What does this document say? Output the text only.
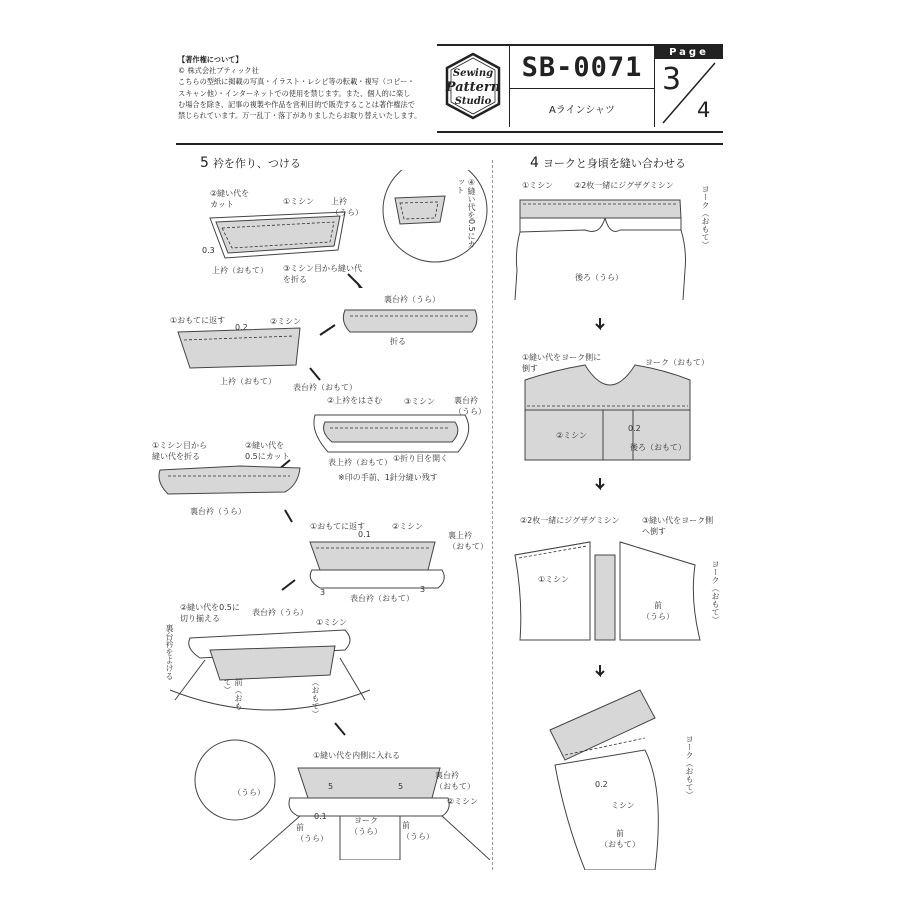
【著作権について】
© 株式会社ブティック社
こちらの型紙に掲載の写真・イラスト・レシピ等の転載・複写（コピー・
スキャン他）・インターネットでの使用を禁じます。また、個人的に楽し
む場合を除き、記事の複製や作品を営利目的で販売することは著作権法で
禁じられています。万一乱丁・落丁がありましたらお取り替えいたします。
Sewing
Pattern
Studio
SB-0071
Aラインシャツ
Page
3
4
5 衿を作り、つける
②縫い代を
カット	①ミシン 上衿
（うら）	④縫い代を0.5にカット
0.3
上衿（おもて） ③ミシン目から縫い代
を折る
裏台衿（うら）
折る
①おもてに返す
0.2
②ミシン
上衿（おもて）
表台衿（おもて）
②上衿をはさむ	③ミシン 裏台衿
（うら）
表上衿（おもて） ①折り目を開く
※印の手前、1針分縫い残す
①ミシン目から
縫い代を折る
②縫い代を
0.5にカット
裏台衿（うら）
①おもてに返す	②ミシン
0.1	裏上衿
（おもて）
3	3
表台衿（おもて）
②縫い代を0.5に
切り揃える
表台衿（うら）
①ミシン
裏台衿をよける
前（おもて）	（おもて）
①縫い代を内側に入れる
裏台衿
（おもて）
5	5
②ミシン
（うら）
0.1	ヨーク
（うら）
前
（うら）
前
（うら）
4 ヨークと身頃を縫い合わせる
①ミシン	②2枚一緒にジグザグミシン	ヨーク（おもて）
後ろ（うら）
①縫い代をヨーク側に
倒す
ヨーク（おもて）
②ミシン
0.2
後ろ（おもて）
②2枚一緒にジグザグミシン	③縫い代をヨーク側
へ倒す
①ミシン	ヨーク（おもて）
前
（うら）
ヨーク（おもて）
0.2
ミシン
前
（おもて）
